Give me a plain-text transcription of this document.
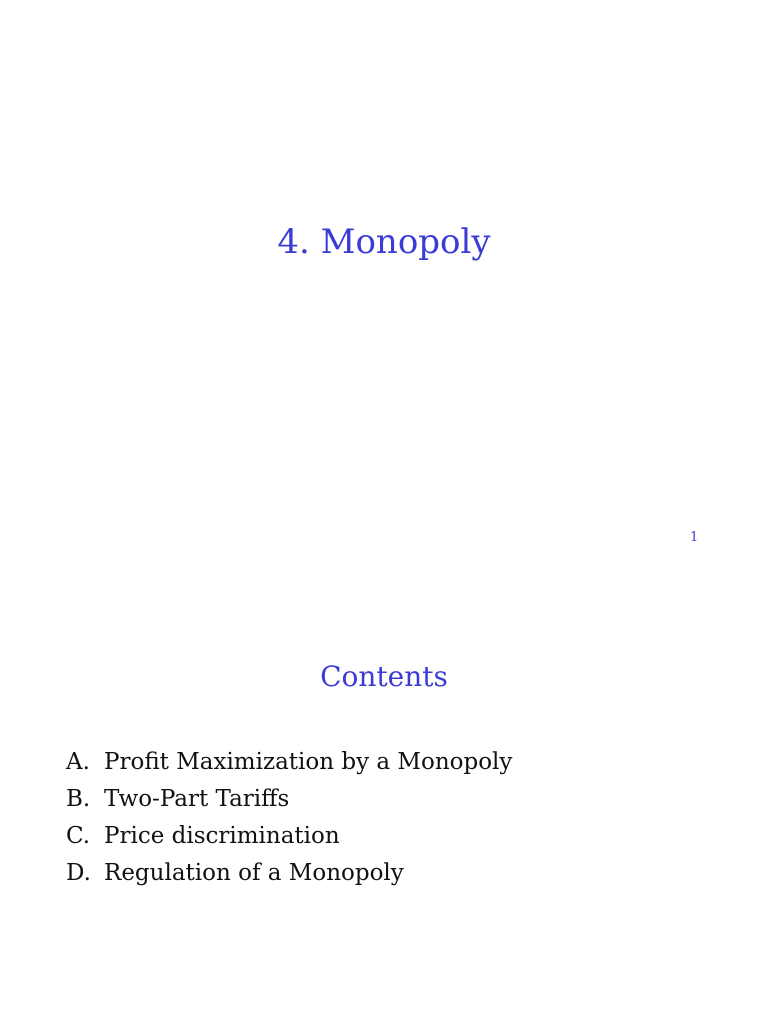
4. Monopoly
1
Contents
A. Profit Maximization by a Monopoly
B. Two-Part Tariffs
C. Price discrimination
D. Regulation of a Monopoly
